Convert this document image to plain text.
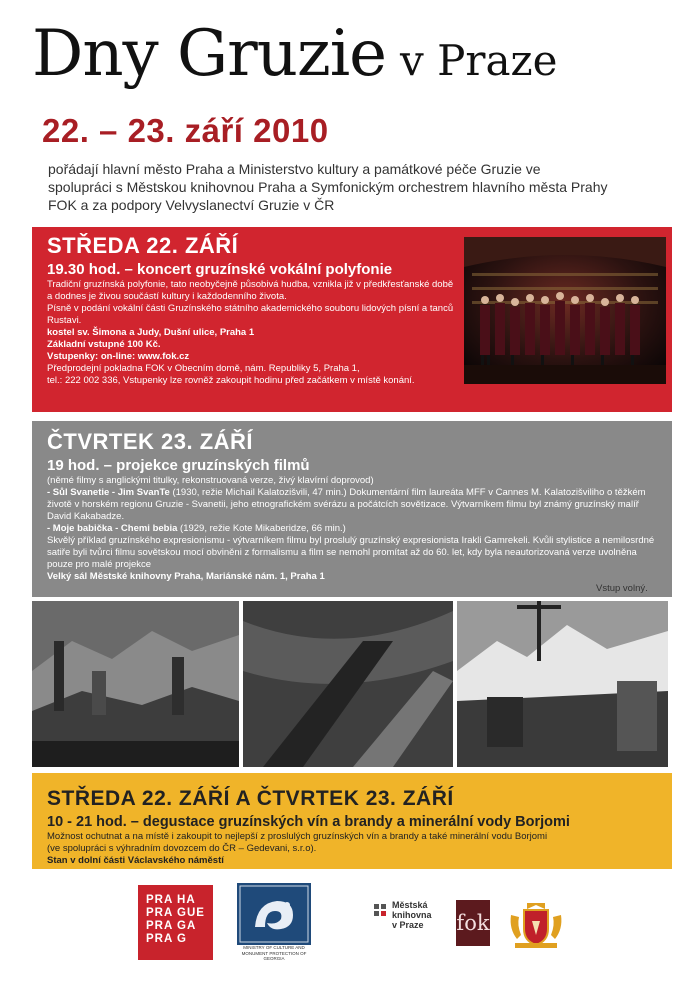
Dny Gruzie v Praze
22. – 23. září 2010
pořádají hlavní město Praha a Ministerstvo kultury a památkové péče Gruzie ve spolupráci s Městskou knihovnou Praha a Symfonickým orchestrem hlavního města Prahy FOK a za podpory Velvyslanectví Gruzie v ČR
STŘEDA 22. ZÁŘÍ
19.30 hod. – koncert gruzínské vokální polyfonie

Tradiční gruzínská polyfonie, tato neobyčejně působivá hudba, vznikla již v předkřesťanské době a dodnes je živou součástí kultury i každodenního života.

Písně v podání vokální části Gruzínského státního akademického souboru lidových písní a tanců Rustavi.

kostel sv. Šimona a Judy, Dušní ulice, Praha 1

Základní vstupné 100 Kč.

Vstupenky: on-line: www.fok.cz

Předprodejní pokladna FOK v Obecním domě, nám. Republiky 5, Praha 1,

tel.: 222 002 336, Vstupenky lze rovněž zakoupit hodinu před začátkem v místě konání.

ČTVRTEK 23. ZÁŘÍ
19 hod. – projekce gruzínských filmů

(němé filmy s anglickými titulky, rekonstruovaná verze, živý klavírní doprovod)

- Sůl Svanetie - Jim SvanTe (1930, režie Michail Kalatozišvili, 47 min.) Dokumentární film laureáta MFF v Cannes M. Kalatozišviliho o těžkém životě v horském regionu Gruzie - Svanetii, jeho etnografickém svérázu a počátcích sovětizace. Výtvarníkem filmu byl známý gruzínský malíř David Kakabadze.

- Moje babička - Chemi bebia (1929, režie Kote Mikaberidze, 66 min.)

Skvělý příklad gruzínského expresionismu - výtvarníkem filmu byl proslulý gruzínský expresionista Irakli Gamrekeli. Kvůli stylistice a nemilosrdné satiře byli tvůrci filmu sovětskou mocí obviněni z formalismu a film se nemohl promítat až do 60. let, kdy byla neautorizovaná verze uvolněna pouze pro malé projekce

Velký sál Městské knihovny Praha, Mariánské nám. 1, Praha 1

Vstup volný.
STŘEDA 22. ZÁŘÍ A ČTVRTEK 23. ZÁŘÍ
10 - 21 hod. – degustace gruzínských vín a brandy a minerální vody Borjomi

Možnost ochutnat a na místě i zakoupit to nejlepší z proslulých gruzínských vín a brandy a také minerální vodu Borjomi

(ve spolupráci s výhradním dovozcem do ČR – Gedevani, s.r.o).

Stan v dolní části Václavského náměstí

PRA HA
PRA GUE
PRA GA
PRA G
MINISTRY OF CULTURE AND MONUMENT PROTECTION OF GEORGIA
Městská
knihovna
v Praze	fok
